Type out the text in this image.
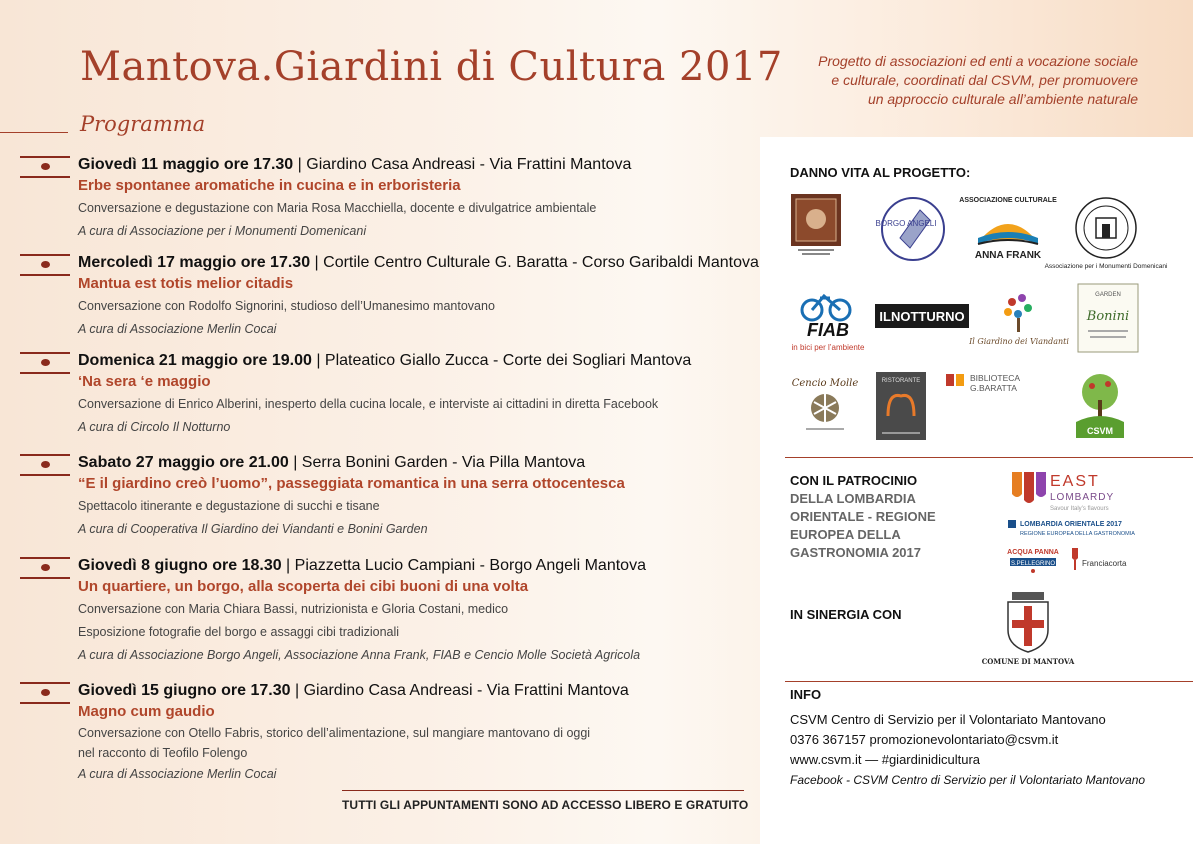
Mantova.Giardini di Cultura 2017
Programma
Progetto di associazioni ed enti a vocazione sociale
e culturale, coordinati dal CSVM, per promuovere
un approccio culturale all’ambiente naturale
Giovedì 11 maggio ore 17.30 | Giardino Casa Andreasi - Via Frattini Mantova
Erbe spontanee aromatiche in cucina e in erboristeria
Conversazione e degustazione con Maria Rosa Macchiella, docente e divulgatrice ambientale
A cura di Associazione per i Monumenti Domenicani
Mercoledì 17 maggio ore 17.30 | Cortile Centro Culturale G. Baratta - Corso Garibaldi Mantova
Mantua est totis melior citadis
Conversazione con Rodolfo Signorini, studioso dell’Umanesimo mantovano
A cura di Associazione Merlin Cocai
Domenica 21 maggio ore 19.00 | Plateatico Giallo Zucca - Corte dei Sogliari Mantova
‘Na sera ‘e maggio
Conversazione di Enrico Alberini, inesperto della cucina locale, e interviste ai cittadini in diretta Facebook
A cura di Circolo Il Notturno
Sabato 27 maggio ore 21.00 | Serra Bonini Garden - Via Pilla Mantova
“E il giardino creò l’uomo”, passeggiata romantica in una serra ottocentesca
Spettacolo itinerante e degustazione di succhi e tisane
A cura di Cooperativa Il Giardino dei Viandanti e Bonini Garden
Giovedì 8 giugno ore 18.30 | Piazzetta Lucio Campiani - Borgo Angeli Mantova
Un quartiere, un borgo, alla scoperta dei cibi buoni di una volta
Conversazione con Maria Chiara Bassi, nutrizionista e Gloria Costani, medico
Esposizione fotografie del borgo e assaggi cibi tradizionali
A cura di Associazione Borgo Angeli, Associazione Anna Frank, FIAB e Cencio Molle Società Agricola
Giovedì 15 giugno ore 17.30 | Giardino Casa Andreasi - Via Frattini Mantova
Magno cum gaudio
Conversazione con Otello Fabris, storico dell’alimentazione, sul mangiare mantovano di oggi
nel racconto di Teofilo Folengo
A cura di Associazione Merlin Cocai
TUTTI GLI APPUNTAMENTI SONO AD ACCESSO LIBERO E GRATUITO
DANNO VITA AL PROGETTO:
BORGO ANGELI
ASSOCIAZIONE CULTURALE
ANNA FRANK
Associazione per i Monumenti Domenicani
FIAB
in bici per l’ambiente
ILNOTTURNO
Il Giardino dei Viandanti
GARDEN
Bonini
Cencio Molle	RISTORANTE	BIBLIOTECA
G.BARATTA
CSVM
CON IL PATROCINIO
DELLA LOMBARDIA ORIENTALE - REGIONE EUROPEA DELLA GASTRONOMIA 2017
EAST
LOMBARDY
Savour Italy’s flavours
LOMBARDIA ORIENTALE 2017
REGIONE EUROPEA DELLA GASTRONOMIA
ACQUA PANNA
S.PELLEGRINO	Franciacorta
IN SINERGIA CON
COMUNE DI MANTOVA
INFO
CSVM Centro di Servizio per il Volontariato Mantovano
0376 367157 promozionevolontariato@csvm.it
www.csvm.it — #giardinidicultura
Facebook - CSVM Centro di Servizio per il Volontariato Mantovano
